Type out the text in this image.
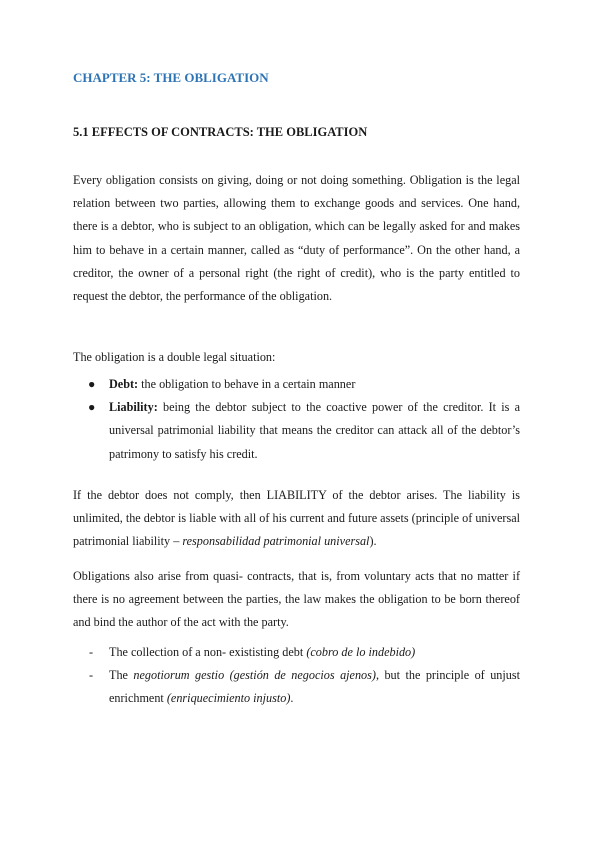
CHAPTER 5: THE OBLIGATION
5.1 EFFECTS OF CONTRACTS: THE OBLIGATION

Every obligation consists on giving, doing or not doing something. Obligation is the legal relation between two parties, allowing them to exchange goods and services. One hand, there is a debtor, who is subject to an obligation, which can be legally asked for and makes him to behave in a certain manner, called as “duty of performance”. On the other hand, a creditor, the owner of a personal right (the right of credit), who is the party entitled to request the debtor, the performance of the obligation.

The obligation is a double legal situation:

● Debt: the obligation to behave in a certain manner
● Liability: being the debtor subject to the coactive power of the creditor. It is a universal patrimonial liability that means the creditor can attack all of the debtor’s patrimony to satisfy his credit.

If the debtor does not comply, then LIABILITY of the debtor arises. The liability is unlimited, the debtor is liable with all of his current and future assets (principle of universal patrimonial liability – responsabilidad patrimonial universal).

Obligations also arise from quasi- contracts, that is, from voluntary acts that no matter if there is no agreement between the parties, the law makes the obligation to be born thereof and bind the author of the act with the party.

- The collection of a non- exististing debt (cobro de lo indebido)
- The negotiorum gestio (gestión de negocios ajenos), but the principle of unjust enrichment (enriquecimiento injusto).
